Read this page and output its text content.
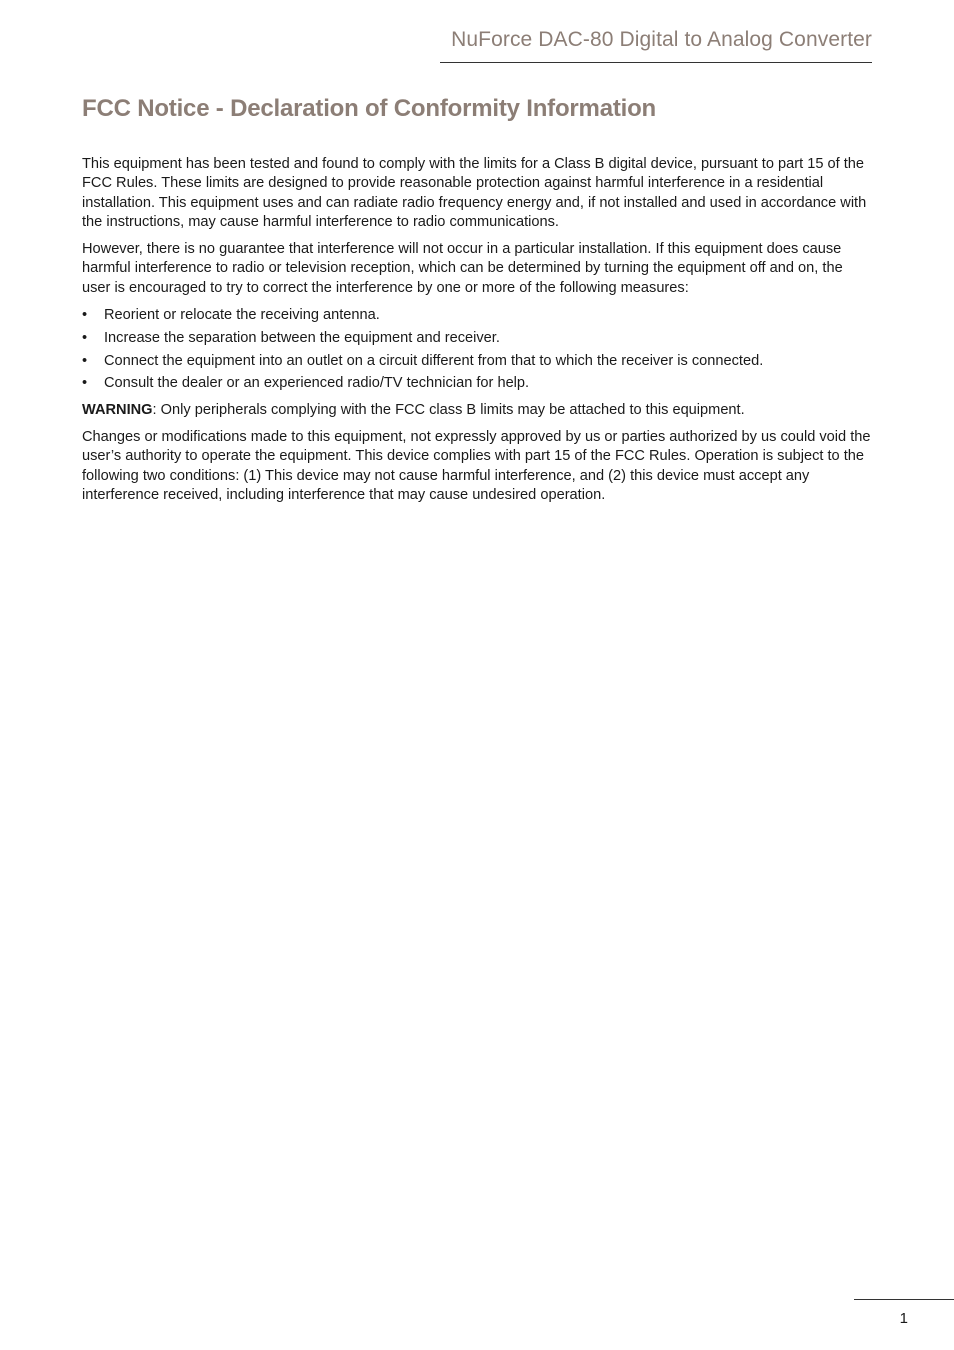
NuForce DAC-80 Digital to Analog Converter
FCC Notice - Declaration of Conformity Information

This equipment has been tested and found to comply with the limits for a Class B digital device, pursuant to part 15 of the FCC Rules. These limits are designed to provide reasonable protection against harmful interference in a residential installation. This equipment uses and can radiate radio frequency energy and, if not installed and used in accordance with the instructions, may cause harmful interference to radio communications.

However, there is no guarantee that interference will not occur in a particular installation. If this equipment does cause harmful interference to radio or television reception, which can be determined by turning the equipment off and on, the user is encouraged to try to correct the interference by one or more of the following measures:

• Reorient or relocate the receiving antenna.
• Increase the separation between the equipment and receiver.
• Connect the equipment into an outlet on a circuit different from that to which the receiver is connected.
• Consult the dealer or an experienced radio/TV technician for help.

WARNING: Only peripherals complying with the FCC class B limits may be attached to this equipment.

Changes or modifications made to this equipment, not expressly approved by us or parties authorized by us could void the user’s authority to operate the equipment. This device complies with part 15 of the FCC Rules. Operation is subject to the following two conditions: (1) This device may not cause harmful interference, and (2) this device must accept any interference received, including interference that may cause undesired operation.

1
